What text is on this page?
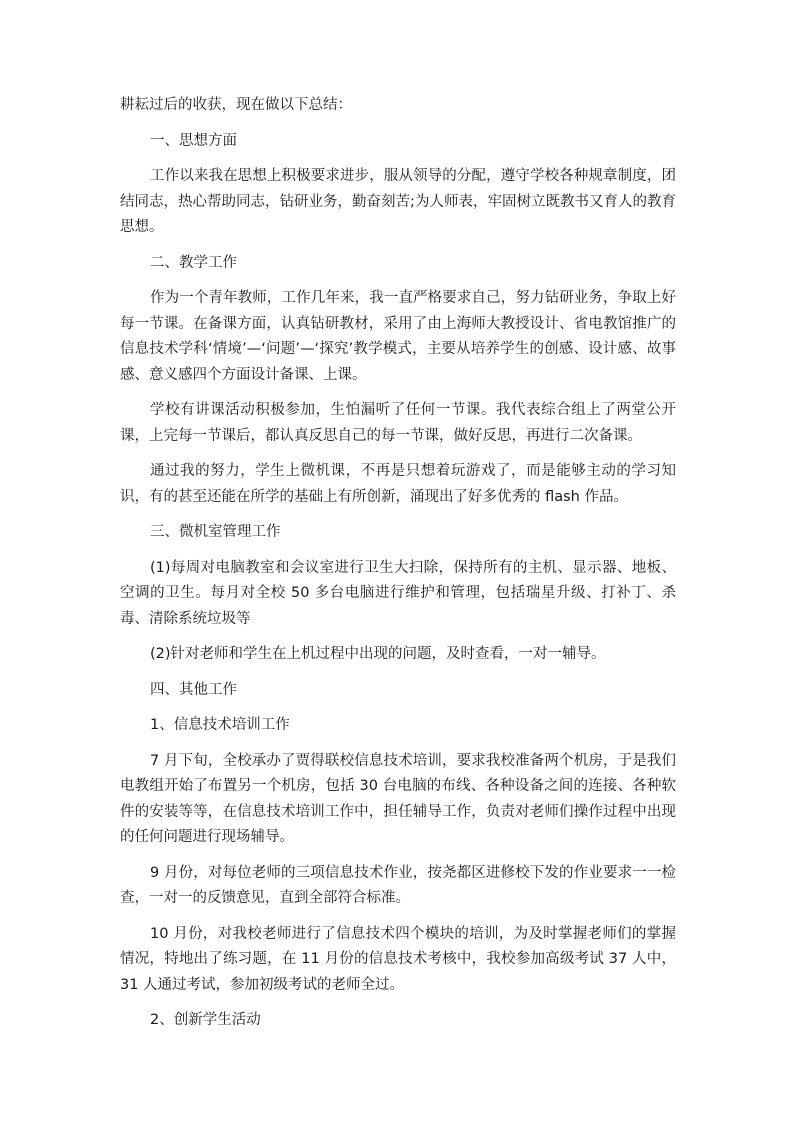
耕耘过后的收获，现在做以下总结：

一、思想方面

工作以来我在思想上积极要求进步，服从领导的分配，遵守学校各种规章制度，团结同志，热心帮助同志，钻研业务，勤奋刻苦;为人师表，牢固树立既教书又育人的教育思想。

二、教学工作

作为一个青年教师，工作几年来，我一直严格要求自己，努力钻研业务，争取上好每一节课。在备课方面，认真钻研教材，采用了由上海师大教授设计、省电教馆推广的信息技术学科‘情境’—‘问题’—‘探究’教学模式，主要从培养学生的创感、设计感、故事感、意义感四个方面设计备课、上课。

学校有讲课活动积极参加，生怕漏听了任何一节课。我代表综合组上了两堂公开课，上完每一节课后，都认真反思自己的每一节课，做好反思，再进行二次备课。

通过我的努力，学生上微机课，不再是只想着玩游戏了，而是能够主动的学习知识，有的甚至还能在所学的基础上有所创新，涌现出了好多优秀的 flash 作品。

三、微机室管理工作

(1)每周对电脑教室和会议室进行卫生大扫除，保持所有的主机、显示器、地板、空调的卫生。每月对全校 50 多台电脑进行维护和管理，包括瑞星升级、打补丁、杀毒、清除系统垃圾等

(2)针对老师和学生在上机过程中出现的问题，及时查看，一对一辅导。

四、其他工作

1、信息技术培训工作

7 月下旬，全校承办了贾得联校信息技术培训，要求我校准备两个机房，于是我们电教组开始了布置另一个机房，包括 30 台电脑的布线、各种设备之间的连接、各种软件的安装等等，在信息技术培训工作中，担任辅导工作，负责对老师们操作过程中出现的任何问题进行现场辅导。

9 月份，对每位老师的三项信息技术作业，按尧都区进修校下发的作业要求一一检查，一对一的反馈意见，直到全部符合标准。

10 月份，对我校老师进行了信息技术四个模块的培训，为及时掌握老师们的掌握情况，特地出了练习题，在 11 月份的信息技术考核中，我校参加高级考试 37 人中，31 人通过考试，参加初级考试的老师全过。

2、创新学生活动
